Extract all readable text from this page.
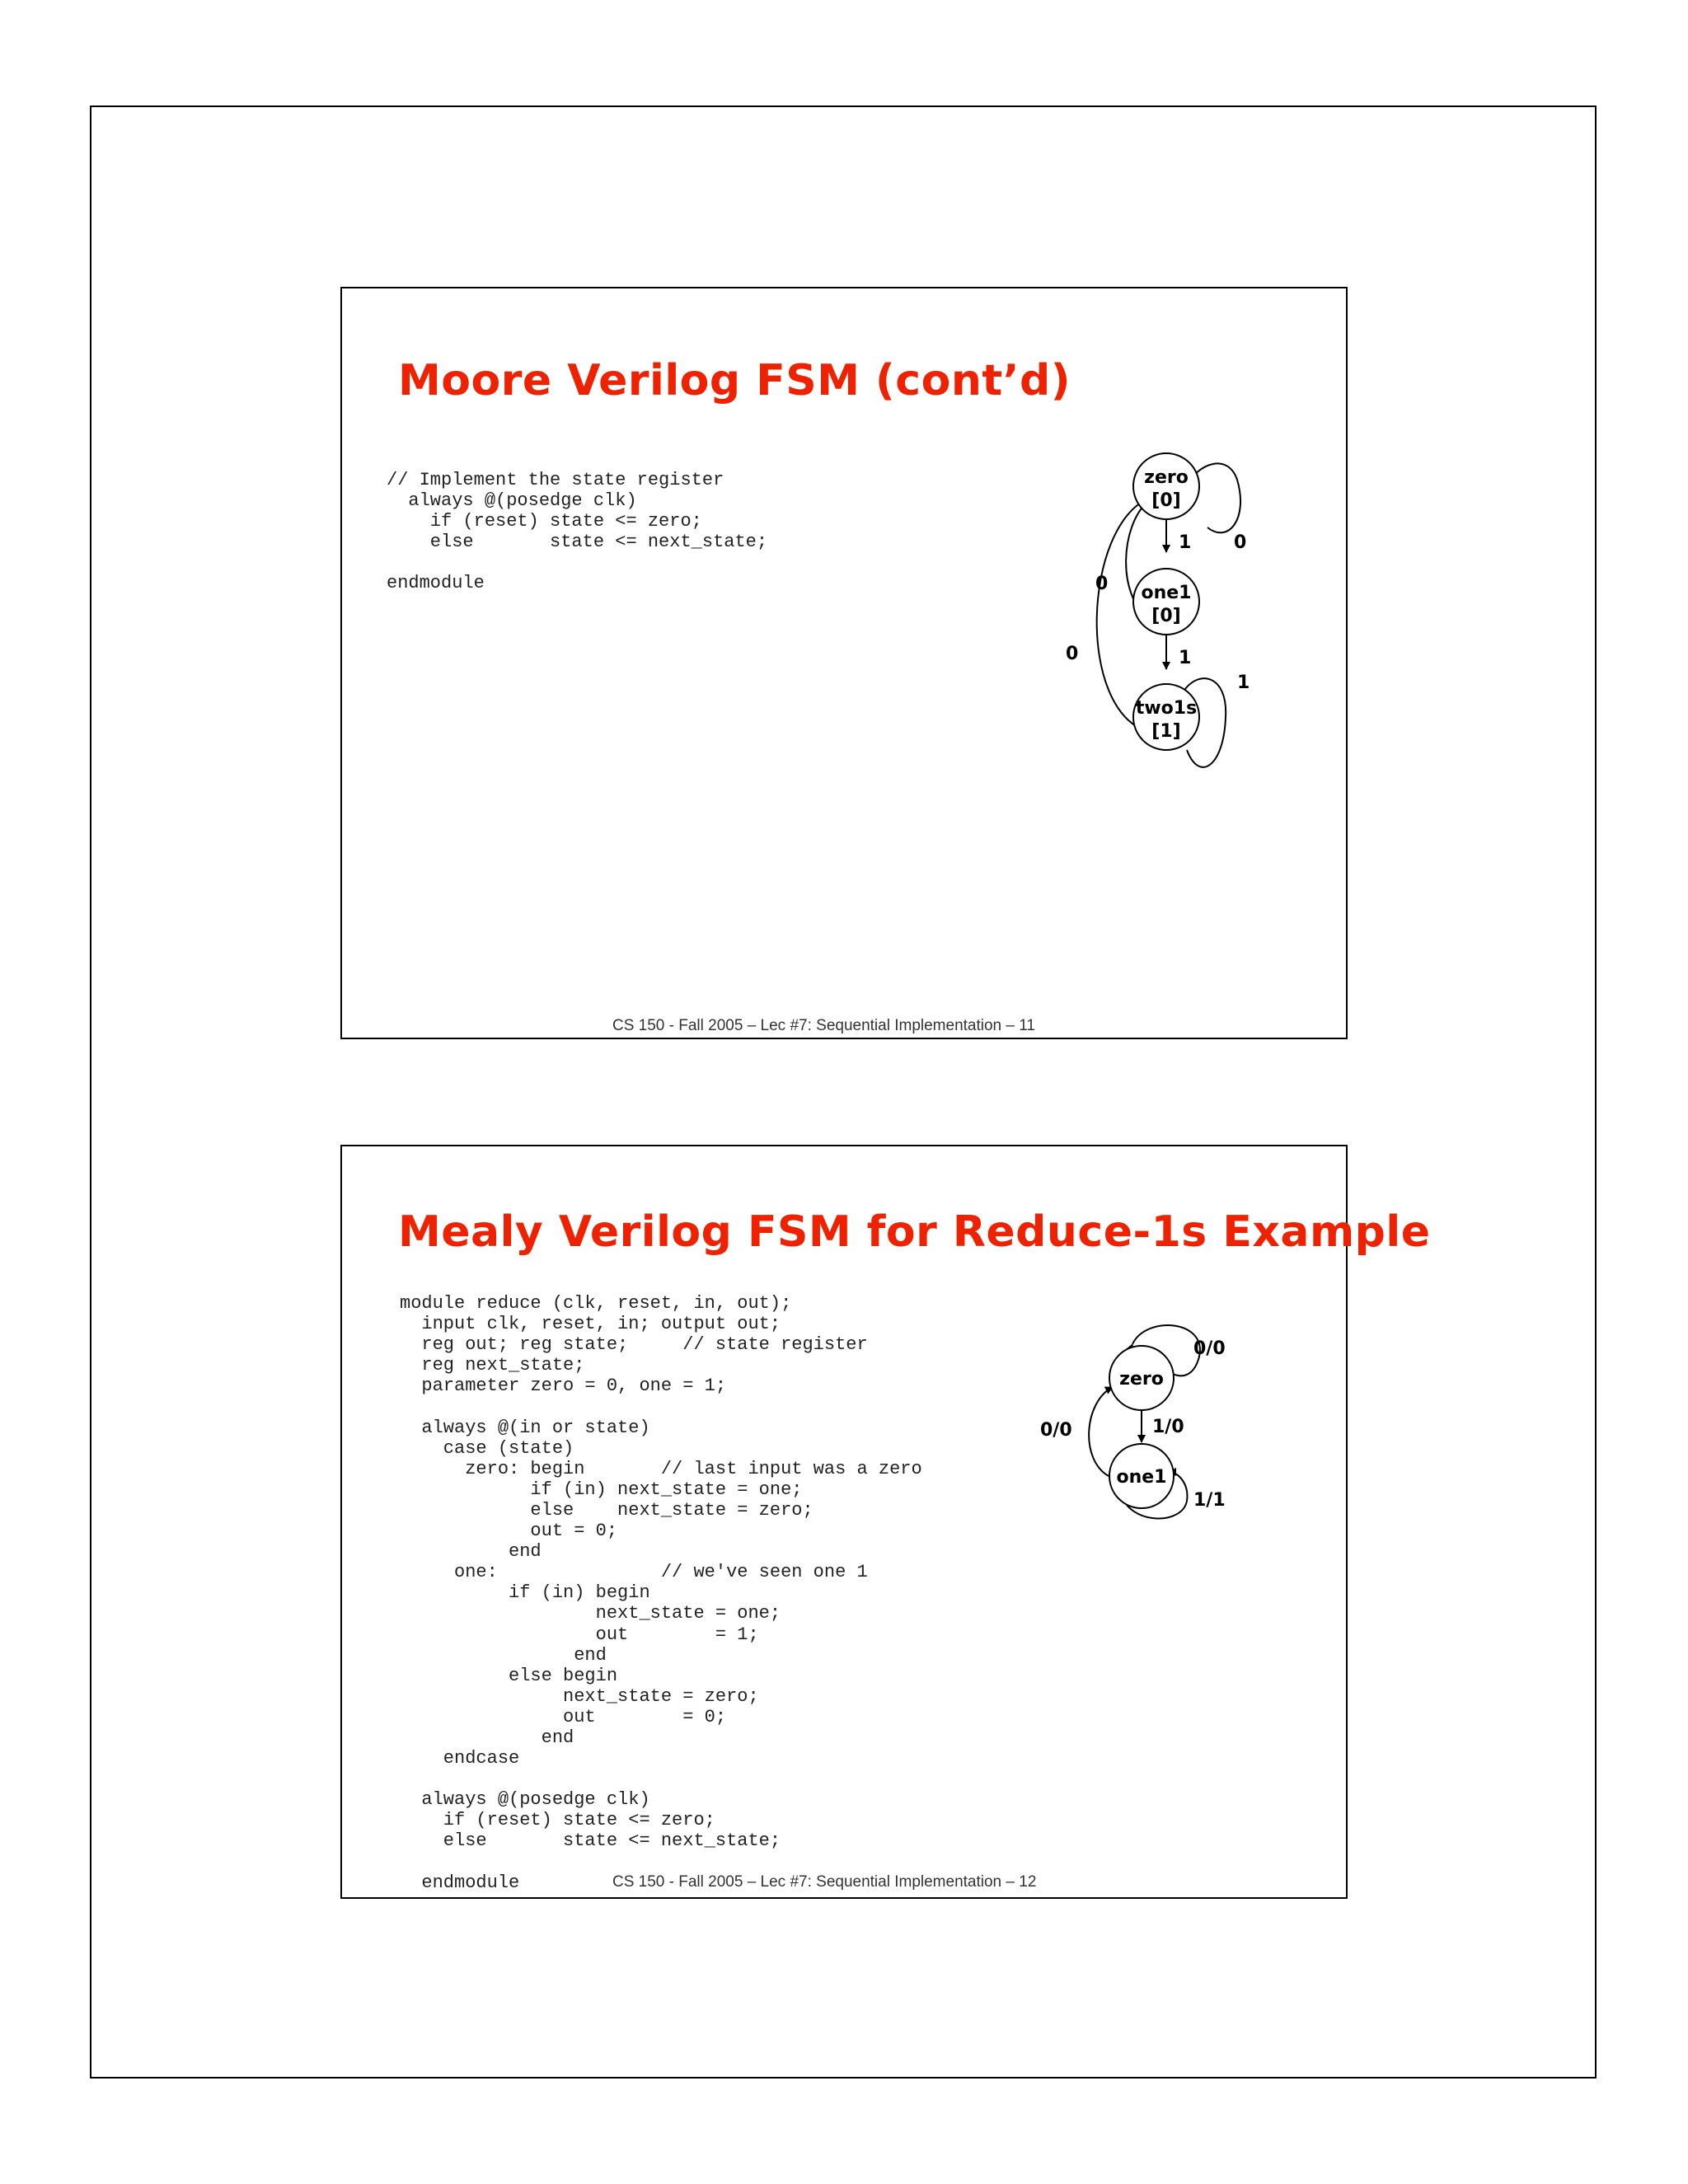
Moore Verilog FSM (cont’d)
// Implement the state register
always @(posedge clk)
if (reset) state <= zero;
else       state <= next_state;

endmodule
zero
[0]
one1
[0]
two1s
[1]
1 0
0
1
0
1
CS 150 - Fall 2005 – Lec #7: Sequential Implementation – 11
Mealy Verilog FSM for Reduce-1s Example
module reduce (clk, reset, in, out);
input clk, reset, in; output out;
reg out; reg state;     // state register
reg next_state;
parameter zero = 0, one = 1;

always @(in or state)
case (state)
zero: begin       // last input was a zero
if (in) next_state = one;
else    next_state = zero;
out = 0;
end
one:               // we've seen one 1
if (in) begin
next_state = one;
out        = 1;
end
else begin
next_state = zero;
out        = 0;
end
endcase

always @(posedge clk)
if (reset) state <= zero;
else       state <= next_state;

endmodule
zero
one1
0/0
1/0
0/0
1/1
CS 150 - Fall 2005 – Lec #7: Sequential Implementation – 12
